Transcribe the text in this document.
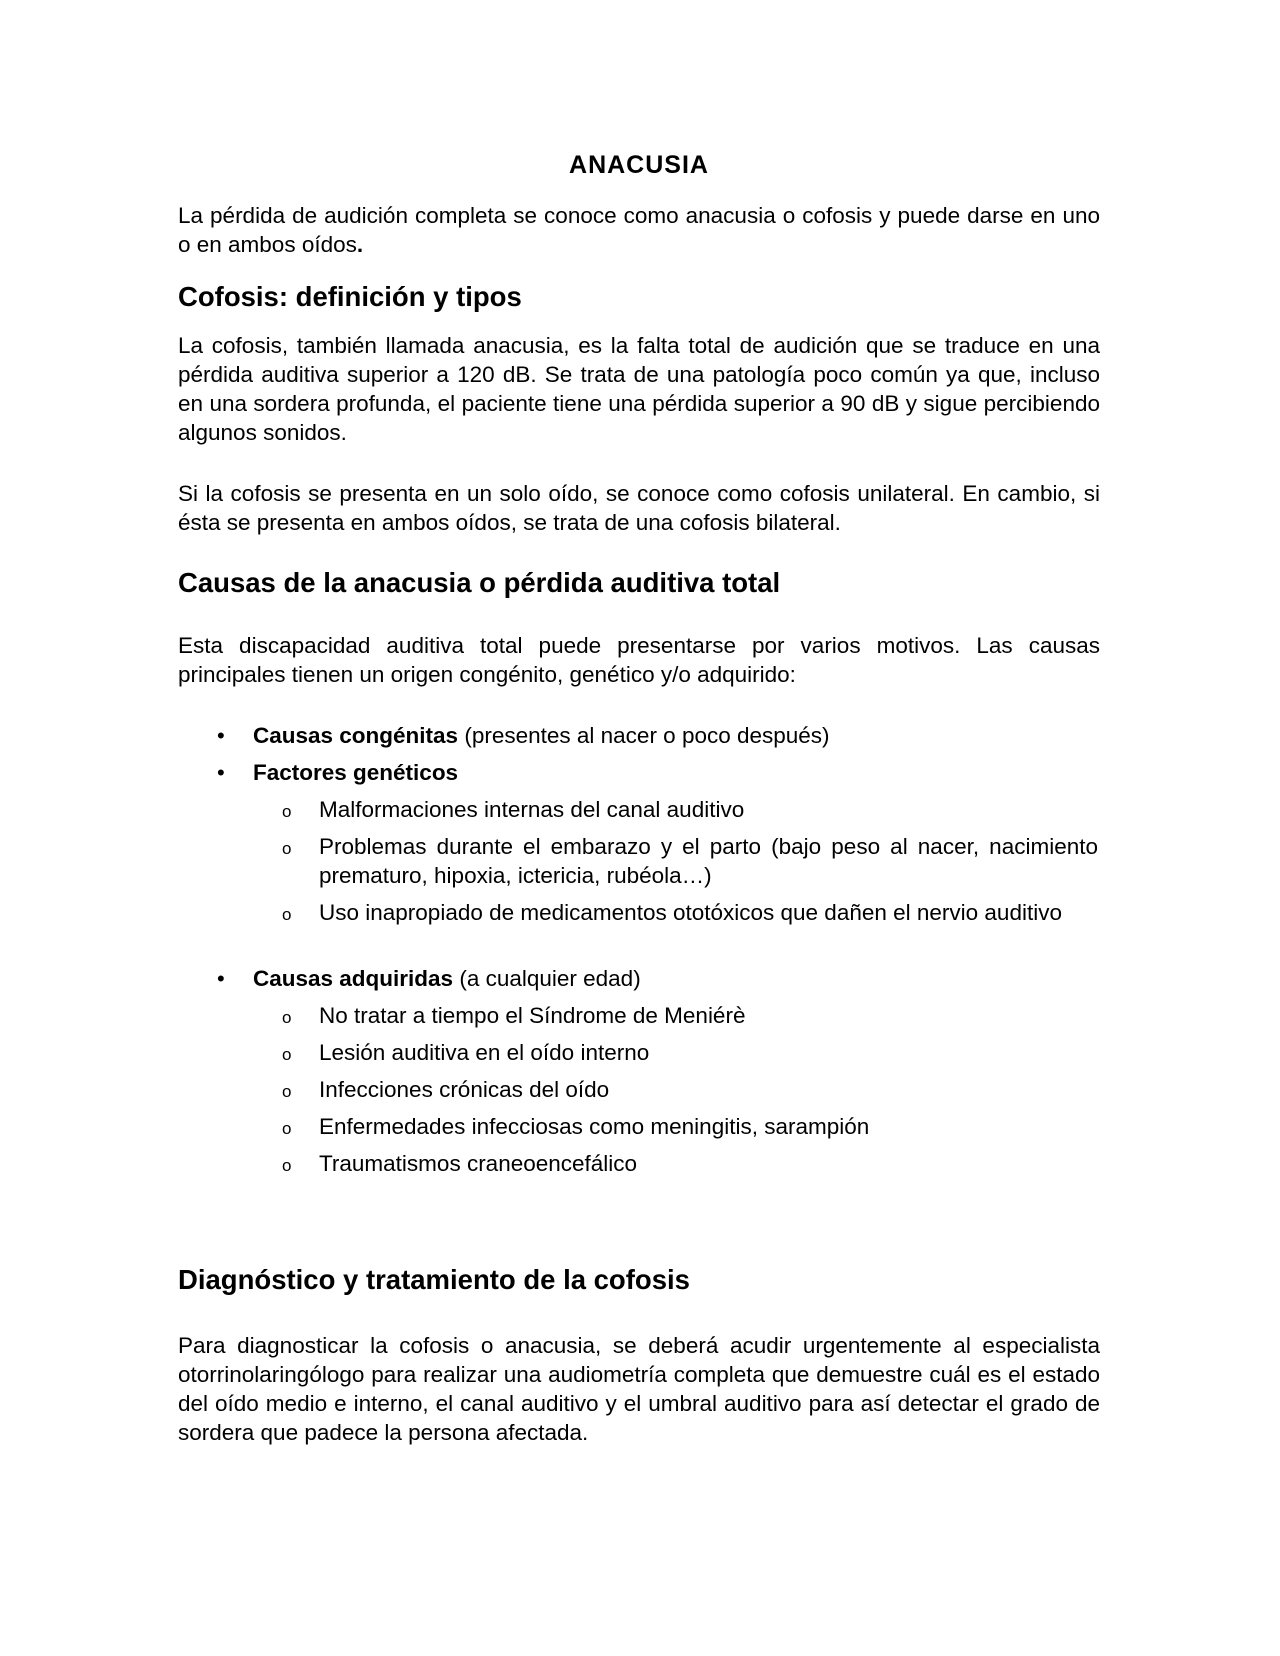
ANACUSIA

La pérdida de audición completa se conoce como anacusia o cofosis y puede darse en uno o en ambos oídos.

Cofosis: definición y tipos

La cofosis, también llamada anacusia, es la falta total de audición que se traduce en una pérdida auditiva superior a 120 dB. Se trata de una patología poco común ya que, incluso en una sordera profunda, el paciente tiene una pérdida superior a 90 dB y sigue percibiendo algunos sonidos.

Si la cofosis se presenta en un solo oído, se conoce como cofosis unilateral. En cambio, si ésta se presenta en ambos oídos, se trata de una cofosis bilateral.

Causas de la anacusia o pérdida auditiva total

Esta discapacidad auditiva total puede presentarse por varios motivos. Las causas principales tienen un origen congénito, genético y/o adquirido:

• Causas congénitas (presentes al nacer o poco después)
• Factores genéticos
o Malformaciones internas del canal auditivo
o Problemas durante el embarazo y el parto (bajo peso al nacer, nacimiento prematuro, hipoxia, ictericia, rubéola…)
o Uso inapropiado de medicamentos ototóxicos que dañen el nervio auditivo
• Causas adquiridas (a cualquier edad)
o No tratar a tiempo el Síndrome de Meniérè
o Lesión auditiva en el oído interno
o Infecciones crónicas del oído
o Enfermedades infecciosas como meningitis, sarampión
o Traumatismos craneoencefálico
Diagnóstico y tratamiento de la cofosis

Para diagnosticar la cofosis o anacusia, se deberá acudir urgentemente al especialista otorrinolaringólogo para realizar una audiometría completa que demuestre cuál es el estado del oído medio e interno, el canal auditivo y el umbral auditivo para así detectar el grado de sordera que padece la persona afectada.
